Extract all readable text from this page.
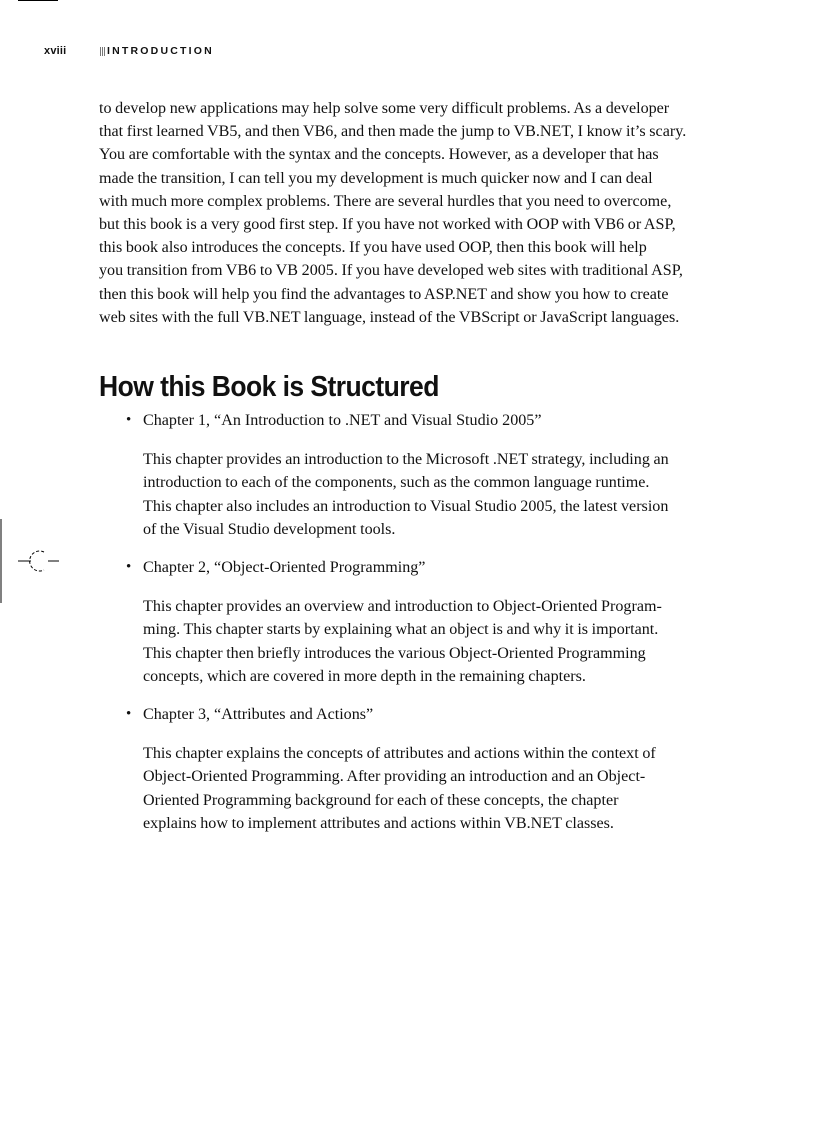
xviii	INTRODUCTION

to develop new applications may help solve some very difficult problems. As a developer
that first learned VB5, and then VB6, and then made the jump to VB.NET, I know it’s scary.
You are comfortable with the syntax and the concepts. However, as a developer that has
made the transition, I can tell you my development is much quicker now and I can deal
with much more complex problems. There are several hurdles that you need to overcome,
but this book is a very good first step. If you have not worked with OOP with VB6 or ASP,
this book also introduces the concepts. If you have used OOP, then this book will help
you transition from VB6 to VB 2005. If you have developed web sites with traditional ASP,
then this book will help you find the advantages to ASP.NET and show you how to create
web sites with the full VB.NET language, instead of the VBScript or JavaScript languages.

How this Book is Structured
• Chapter 1, “An Introduction to .NET and Visual Studio 2005”

This chapter provides an introduction to the Microsoft .NET strategy, including an
introduction to each of the components, such as the common language runtime.
This chapter also includes an introduction to Visual Studio 2005, the latest version
of the Visual Studio development tools.

• Chapter 2, “Object-Oriented Programming”

This chapter provides an overview and introduction to Object-Oriented Program-
ming. This chapter starts by explaining what an object is and why it is important.
This chapter then briefly introduces the various Object-Oriented Programming
concepts, which are covered in more depth in the remaining chapters.

• Chapter 3, “Attributes and Actions”

This chapter explains the concepts of attributes and actions within the context of
Object-Oriented Programming. After providing an introduction and an Object-
Oriented Programming background for each of these concepts, the chapter
explains how to implement attributes and actions within VB.NET classes.
